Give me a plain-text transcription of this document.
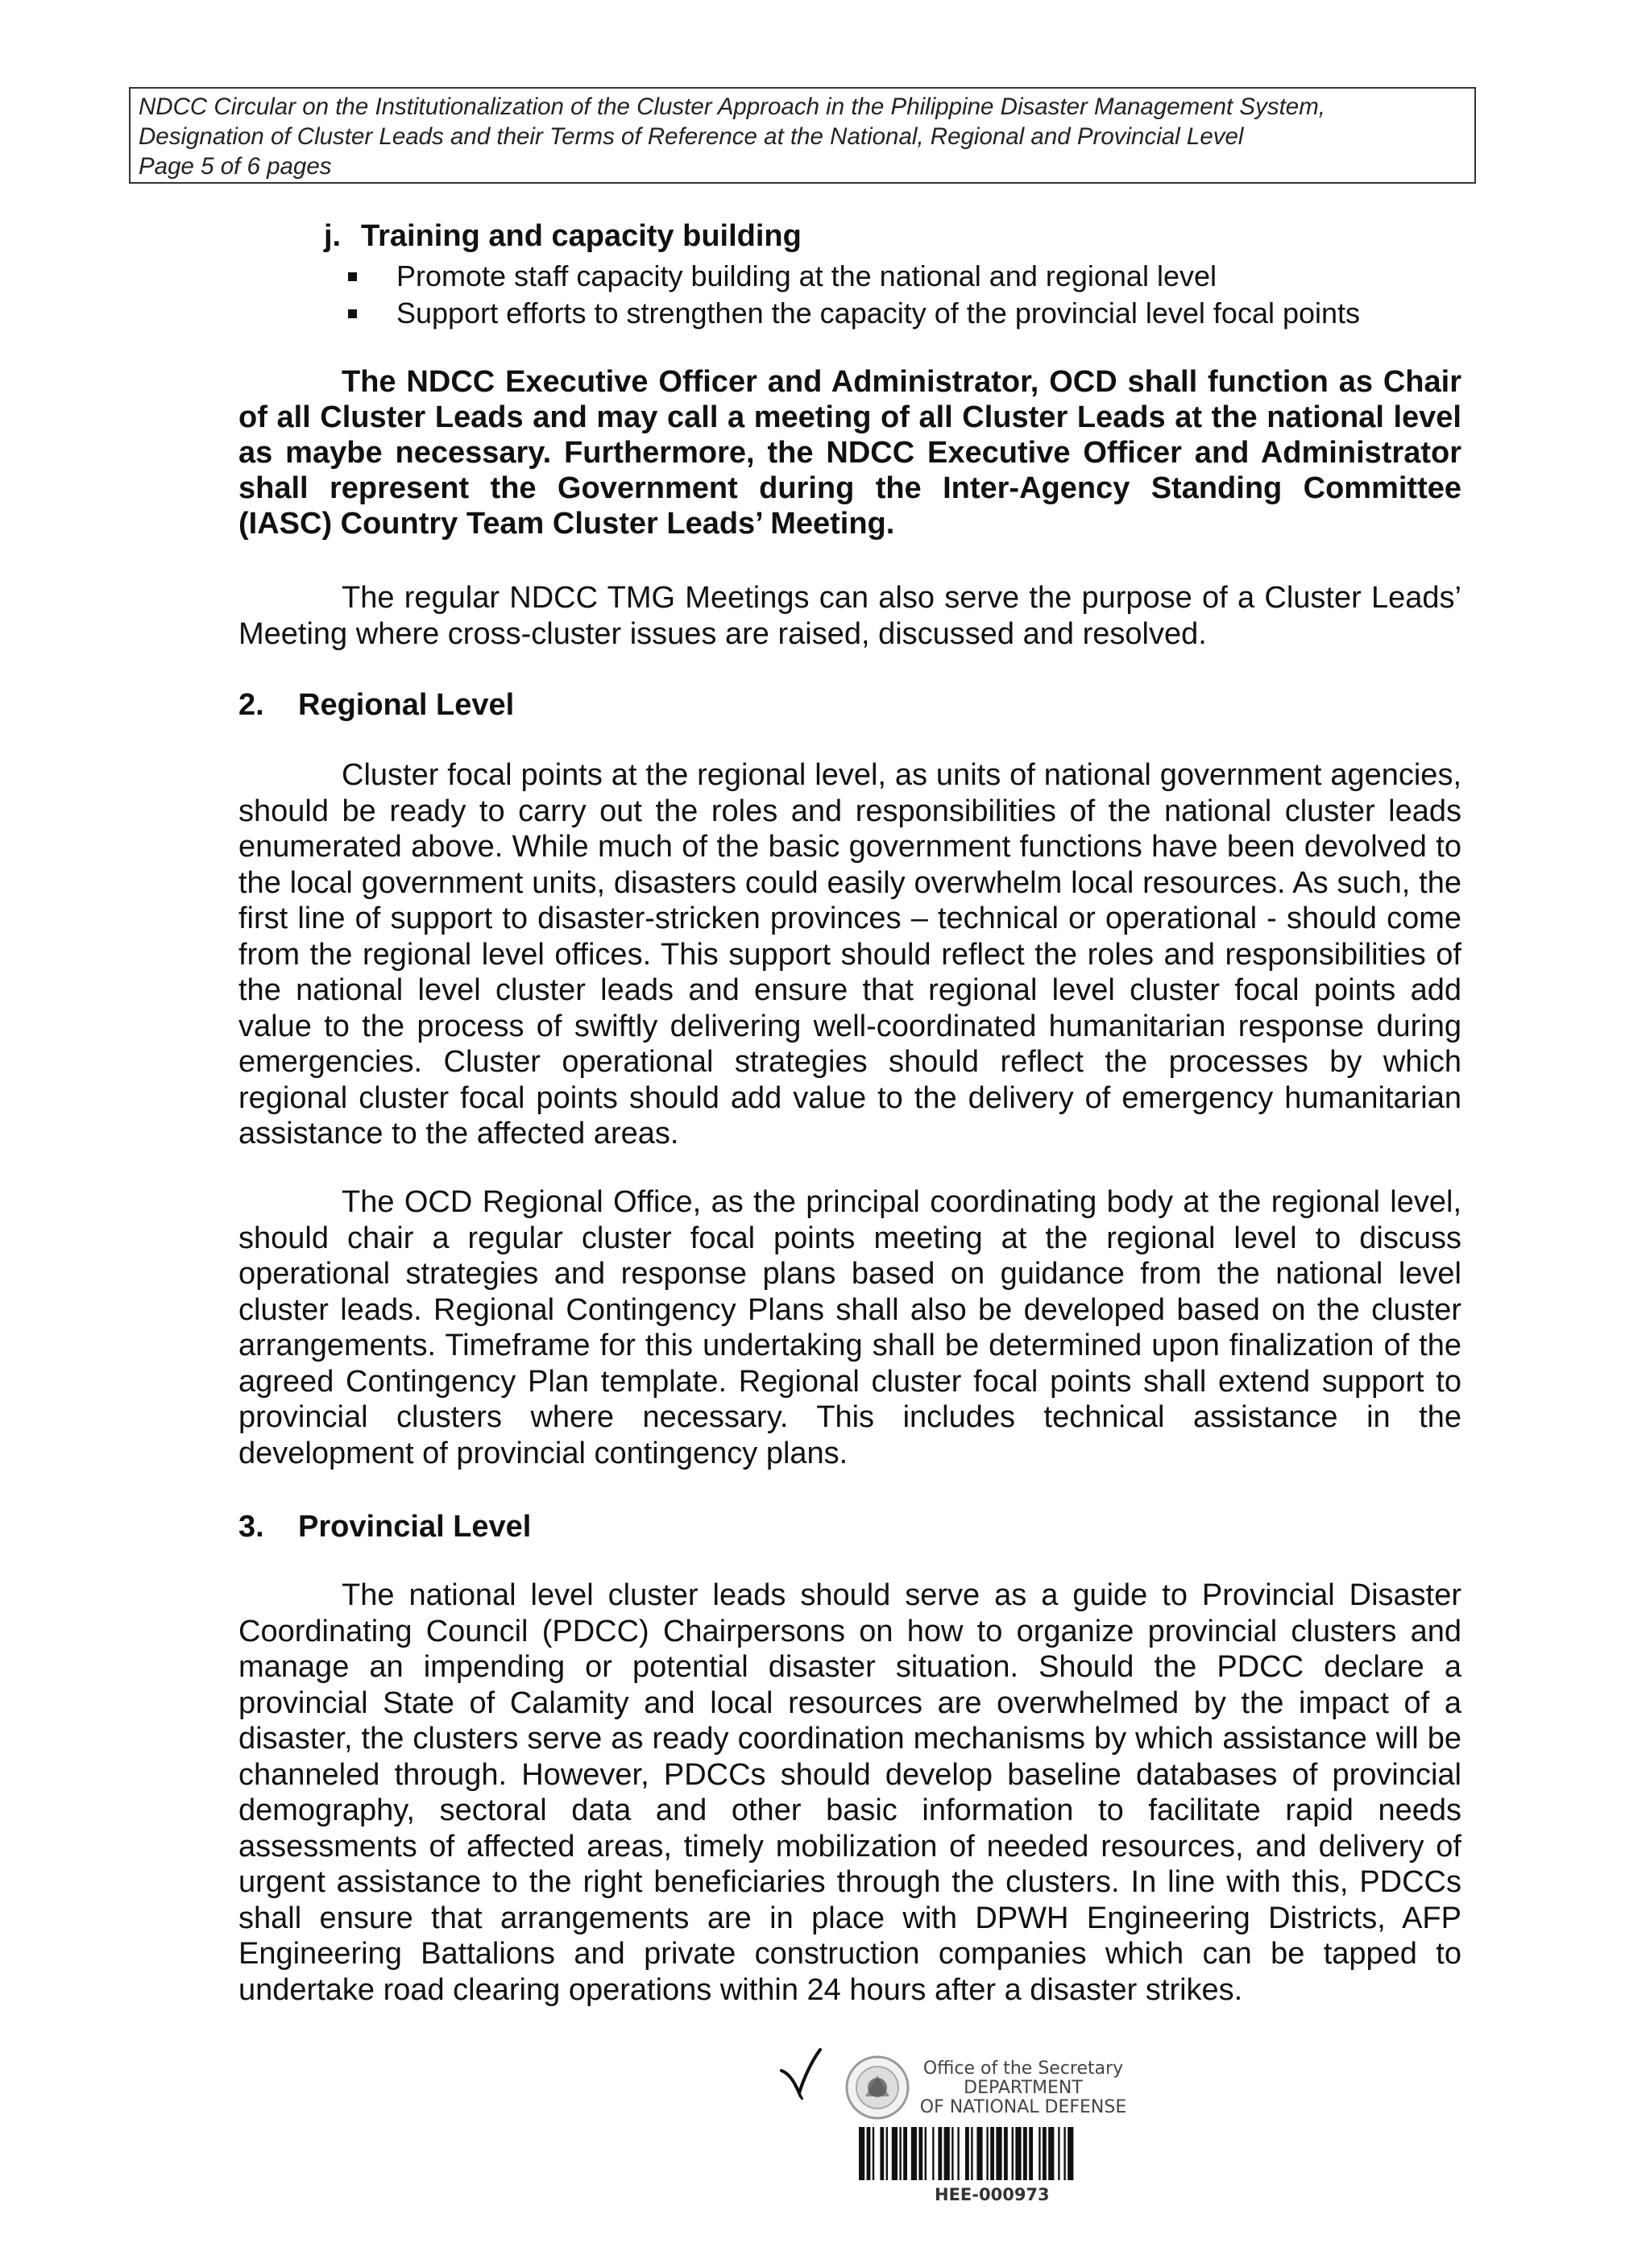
NDCC Circular on the Institutionalization of the Cluster Approach in the Philippine Disaster Management System,
Designation of Cluster Leads and their Terms of Reference at the National, Regional and Provincial Level
Page 5 of 6 pages
j. Training and capacity building
Promote staff capacity building at the national and regional level
Support efforts to strengthen the capacity of the provincial level focal points
The NDCC Executive Officer and Administrator, OCD shall function as Chair of all Cluster Leads and may call a meeting of all Cluster Leads at the national level as maybe necessary. Furthermore, the NDCC Executive Officer and Administrator shall represent the Government during the Inter-Agency Standing Committee (IASC) Country Team Cluster Leads’ Meeting.
The regular NDCC TMG Meetings can also serve the purpose of a Cluster Leads’ Meeting where cross-cluster issues are raised, discussed and resolved.
2. Regional Level
Cluster focal points at the regional level, as units of national government agencies, should be ready to carry out the roles and responsibilities of the national cluster leads enumerated above. While much of the basic government functions have been devolved to the local government units, disasters could easily overwhelm local resources. As such, the first line of support to disaster-stricken provinces – technical or operational - should come from the regional level offices. This support should reflect the roles and responsibilities of the national level cluster leads and ensure that regional level cluster focal points add value to the process of swiftly delivering well-coordinated humanitarian response during emergencies. Cluster operational strategies should reflect the processes by which regional cluster focal points should add value to the delivery of emergency humanitarian assistance to the affected areas.
The OCD Regional Office, as the principal coordinating body at the regional level, should chair a regular cluster focal points meeting at the regional level to discuss operational strategies and response plans based on guidance from the national level cluster leads. Regional Contingency Plans shall also be developed based on the cluster arrangements. Timeframe for this undertaking shall be determined upon finalization of the agreed Contingency Plan template. Regional cluster focal points shall extend support to provincial clusters where necessary. This includes technical assistance in the development of provincial contingency plans.
3. Provincial Level
The national level cluster leads should serve as a guide to Provincial Disaster Coordinating Council (PDCC) Chairpersons on how to organize provincial clusters and manage an impending or potential disaster situation. Should the PDCC declare a provincial State of Calamity and local resources are overwhelmed by the impact of a disaster, the clusters serve as ready coordination mechanisms by which assistance will be channeled through. However, PDCCs should develop baseline databases of provincial demography, sectoral data and other basic information to facilitate rapid needs assessments of affected areas, timely mobilization of needed resources, and delivery of urgent assistance to the right beneficiaries through the clusters. In line with this, PDCCs shall ensure that arrangements are in place with DPWH Engineering Districts, AFP Engineering Battalions and private construction companies which can be tapped to undertake road clearing operations within 24 hours after a disaster strikes.
Office of the Secretary
DEPARTMENT
OF NATIONAL DEFENSE
HEE-000973
